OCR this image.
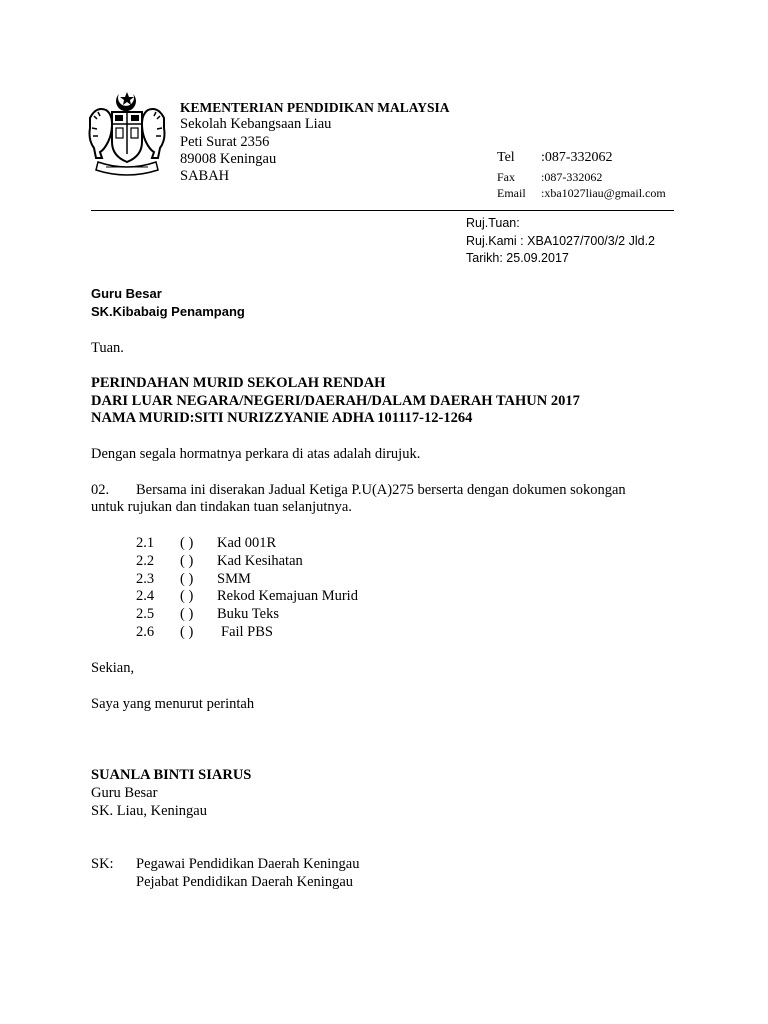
KEMENTERIAN PENDIDIKAN MALAYSIA
Sekolah Kebangsaan Liau
Peti Surat 2356
89008 Keningau
SABAH
Tel :087-332062
Fax :087-332062
Email :xba1027liau@gmail.com
Ruj.Tuan:
Ruj.Kami : XBA1027/700/3/2 Jld.2
Tarikh: 25.09.2017
Guru Besar
SK.Kibabaig Penampang
Tuan.
PERINDAHAN MURID SEKOLAH RENDAH
DARI LUAR NEGARA/NEGERI/DAERAH/DALAM DAERAH TAHUN 2017
NAMA MURID:SITI NURIZZYANIE ADHA 101117-12-1264
Dengan segala hormatnya perkara di atas adalah dirujuk.
02. Bersama ini diserakan Jadual Ketiga P.U(A)275 berserta dengan dokumen sokongan
untuk rujukan dan tindakan tuan selanjutnya.
2.1 ( ) Kad 001R
2.2 ( ) Kad Kesihatan
2.3 ( ) SMM
2.4 ( ) Rekod Kemajuan Murid
2.5 ( ) Buku Teks
2.6 ( ) Fail PBS
Sekian,
Saya yang menurut perintah
SUANLA BINTI SIARUS
Guru Besar
SK. Liau, Keningau
SK: Pegawai Pendidikan Daerah Keningau
Pejabat Pendidikan Daerah Keningau
